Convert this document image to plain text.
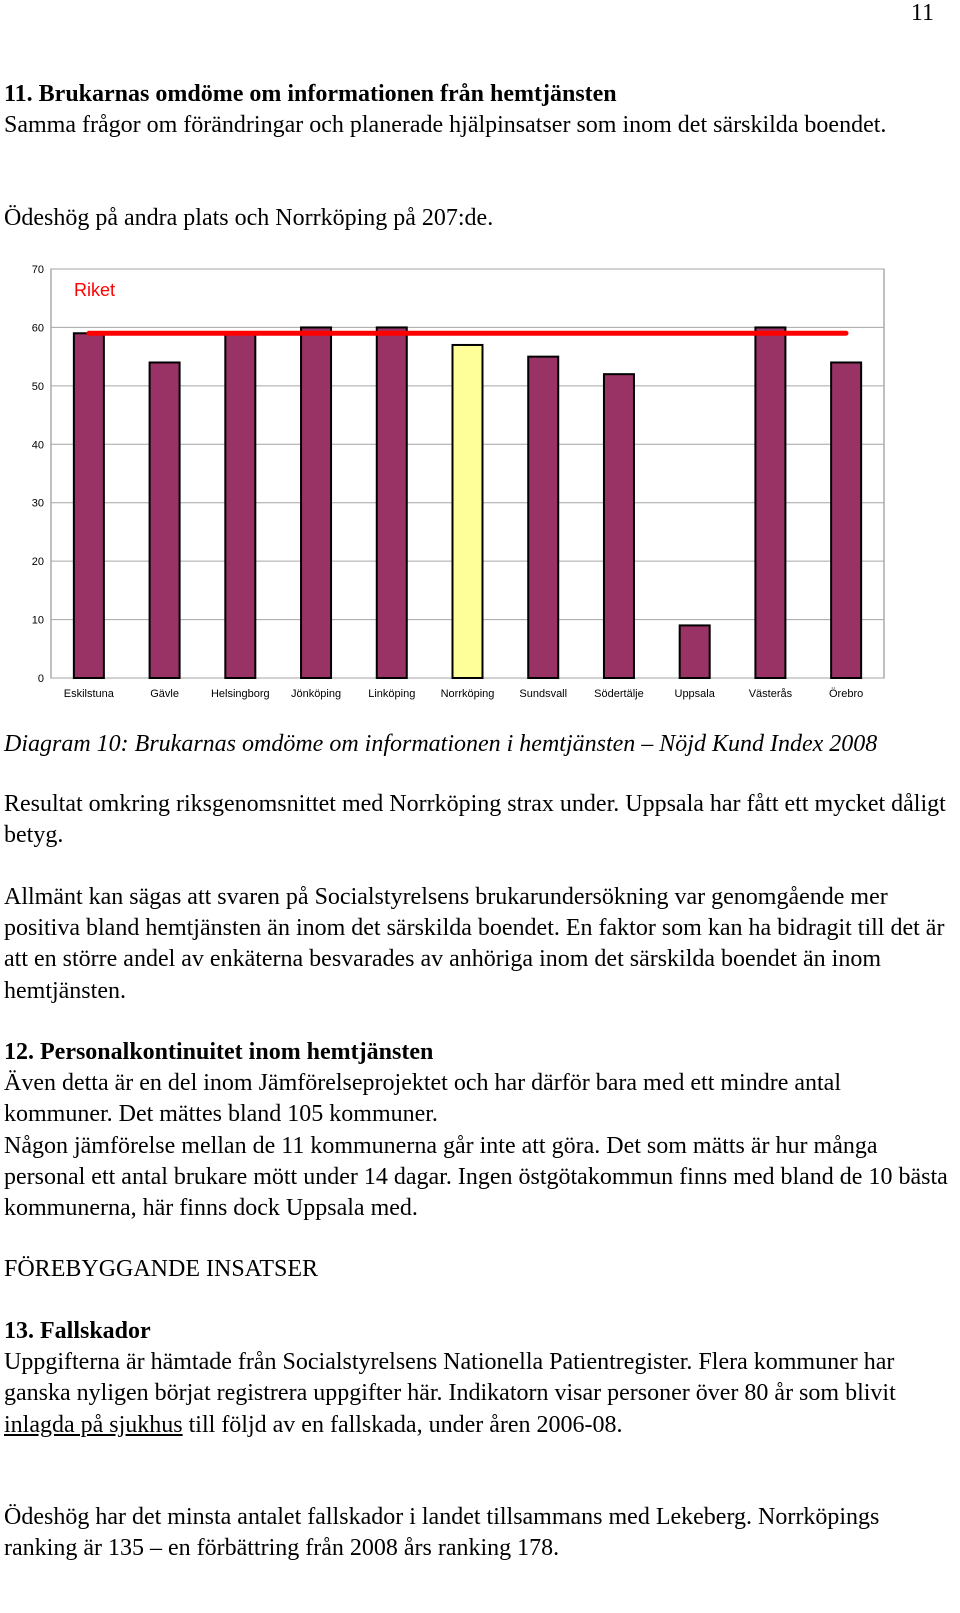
11

11. Brukarnas omdöme om informationen från hemtjänsten
Samma frågor om förändringar och planerade hjälpinsatser som inom det särskilda boendet.

Ödeshög på andra plats och Norrköping på 207:de.

0
10
20
30
40
50
60
70
Eskilstuna	Gävle	Helsingborg Jönköping Linköping Norrköping Sundsvall Södertälje	Uppsala	Västerås	Örebro
Riket

Diagram 10: Brukarnas omdöme om informationen i hemtjänsten – Nöjd Kund Index 2008

Resultat omkring riksgenomsnittet med Norrköping strax under. Uppsala har fått ett mycket dåligt betyg.

Allmänt kan sägas att svaren på Socialstyrelsens brukarundersökning var genomgående mer positiva bland hemtjänsten än inom det särskilda boendet. En faktor som kan ha bidragit till det är att en större andel av enkäterna besvarades av anhöriga inom det särskilda boendet än inom hemtjänsten.

12. Personalkontinuitet inom hemtjänsten
Även detta är en del inom Jämförelseprojektet och har därför bara med ett mindre antal kommuner. Det mättes bland 105 kommuner.
Någon jämförelse mellan de 11 kommunerna går inte att göra. Det som mätts är hur många personal ett antal brukare mött under 14 dagar. Ingen östgötakommun finns med bland de 10 bästa kommunerna, här finns dock Uppsala med.

FÖREBYGGANDE INSATSER

13. Fallskador
Uppgifterna är hämtade från Socialstyrelsens Nationella Patientregister. Flera kommuner har ganska nyligen börjat registrera uppgifter här. Indikatorn visar personer över 80 år som blivit inlagda på sjukhus till följd av en fallskada, under åren 2006-08.

Ödeshög har det minsta antalet fallskador i landet tillsammans med Lekeberg. Norrköpings ranking är 135 – en förbättring från 2008 års ranking 178.
